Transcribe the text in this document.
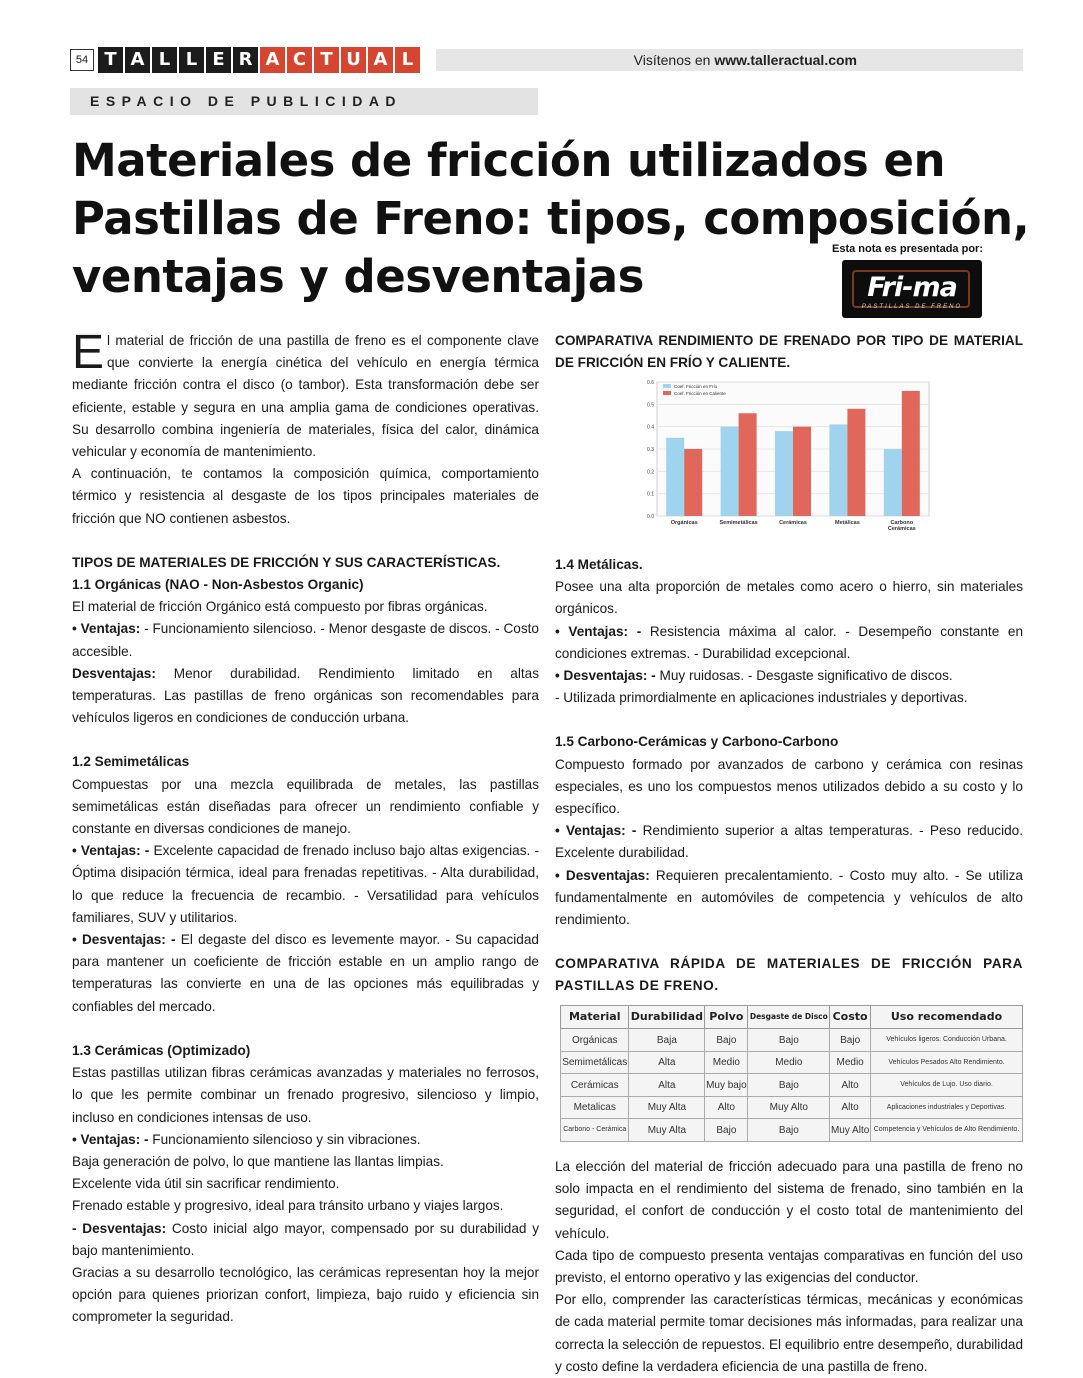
54 T A L L E R A C T U A L	Visítenos en www.talleractual.com
ESPACIO DE PUBLICIDAD
Materiales de fricción utilizados en
Pastillas de Freno: tipos, composición,
ventajas y desventajas
Esta nota es presentada por:
Fri-ma
PASTILLAS DE FRENO

El material de fricción de una pastilla de freno es el componente clave que convierte la energía cinética del vehículo en energía térmica mediante fricción contra el disco (o tambor). Esta transformación debe ser eficiente, estable y segura en una amplia gama de condiciones operativas. Su desarrollo combina ingeniería de materiales, física del calor, dinámica vehicular y economía de mantenimiento.

A continuación, te contamos la composición química, comportamiento térmico y resistencia al desgaste de los tipos principales materiales de fricción que NO contienen asbestos.

TIPOS DE MATERIALES DE FRICCIÓN Y SUS CARACTERÍSTICAS.

1.1 Orgánicas (NAO - Non-Asbestos Organic)

El material de fricción Orgánico está compuesto por fibras orgánicas.

• Ventajas: - Funcionamiento silencioso. - Menor desgaste de discos. - Costo accesible.

Desventajas: Menor durabilidad. Rendimiento limitado en altas temperaturas. Las pastillas de freno orgánicas son recomendables para vehículos ligeros en condiciones de conducción urbana.

1.2 Semimetálicas

Compuestas por una mezcla equilibrada de metales, las pastillas semimetálicas están diseñadas para ofrecer un rendimiento confiable y constante en diversas condiciones de manejo.

• Ventajas: - Excelente capacidad de frenado incluso bajo altas exigencias. - Óptima disipación térmica, ideal para frenadas repetitivas. - Alta durabilidad, lo que reduce la frecuencia de recambio. - Versatilidad para vehículos familiares, SUV y utilitarios.

• Desventajas: - El degaste del disco es levemente mayor. - Su capacidad para mantener un coeficiente de fricción estable en un amplio rango de temperaturas las convierte en una de las opciones más equilibradas y confiables del mercado.

1.3 Cerámicas (Optimizado)

Estas pastillas utilizan fibras cerámicas avanzadas y materiales no ferrosos, lo que les permite combinar un frenado progresivo, silencioso y limpio, incluso en condiciones intensas de uso.

• Ventajas: - Funcionamiento silencioso y sin vibraciones.

Baja generación de polvo, lo que mantiene las llantas limpias.

Excelente vida útil sin sacrificar rendimiento.

Frenado estable y progresivo, ideal para tránsito urbano y viajes largos.

- Desventajas: Costo inicial algo mayor, compensado por su durabilidad y bajo mantenimiento.

Gracias a su desarrollo tecnológico, las cerámicas representan hoy la mejor opción para quienes priorizan confort, limpieza, bajo ruido y eficiencia sin comprometer la seguridad.

COMPARATIVA RENDIMIENTO DE FRENADO POR TIPO DE MATERIAL DE FRICCIÓN EN FRÍO Y CALIENTE.

0.0
0.1
0.2
0.3
0.4
0.5
0.6
Orgánicas	Semimetálicas	Cerámicas	Metálicas	Carbono
Cerámicas
Coef. Fricción en Frío
Coef. Fricción en Caliente

1.4 Metálicas.

Posee una alta proporción de metales como acero o hierro, sin materiales orgánicos.

• Ventajas: - Resistencia máxima al calor. - Desempeño constante en condiciones extremas. - Durabilidad excepcional.

• Desventajas: - Muy ruidosas. - Desgaste significativo de discos.

- Utilizada primordialmente en aplicaciones industriales y deportivas.

1.5 Carbono-Cerámicas y Carbono-Carbono

Compuesto formado por avanzados de carbono y cerámica con resinas especiales, es uno los compuestos menos utilizados debido a su costo y lo específico.

• Ventajas: - Rendimiento superior a altas temperaturas. - Peso reducido. Excelente durabilidad.

• Desventajas: Requieren precalentamiento. - Costo muy alto. - Se utiliza fundamentalmente en automóviles de competencia y vehículos de alto rendimiento.

COMPARATIVA RÁPIDA DE MATERIALES DE FRICCIÓN PARA PASTILLAS DE FRENO.

Material	Durabilidad	Polvo	Desgaste de Disco	Costo	Uso recomendado
Orgánicas	Baja	Bajo	Bajo	Bajo	Vehículos ligeros. Conducción Urbana.
Semimetálicas	Alta	Medio	Medio	Medio	Vehículos Pesados Alto Rendimiento.
Cerámicas	Alta	Muy bajo	Bajo	Alto	Vehículos de Lujo. Uso diario.
Metalicas	Muy Alta	Alto	Muy Alto	Alto	Aplicaciones industriales y Deportivas.
Carbono - Cerámica	Muy Alta	Bajo	Bajo	Muy Alto	Competencia y Vehículos de Alto Rendimiento.

La elección del material de fricción adecuado para una pastilla de freno no solo impacta en el rendimiento del sistema de frenado, sino también en la seguridad, el confort de conducción y el costo total de mantenimiento del vehículo.

Cada tipo de compuesto presenta ventajas comparativas en función del uso previsto, el entorno operativo y las exigencias del conductor.

Por ello, comprender las características térmicas, mecánicas y económicas de cada material permite tomar decisiones más informadas, para realizar una correcta la selección de repuestos. El equilibrio entre desempeño, durabilidad y costo define la verdadera eficiencia de una pastilla de freno.
